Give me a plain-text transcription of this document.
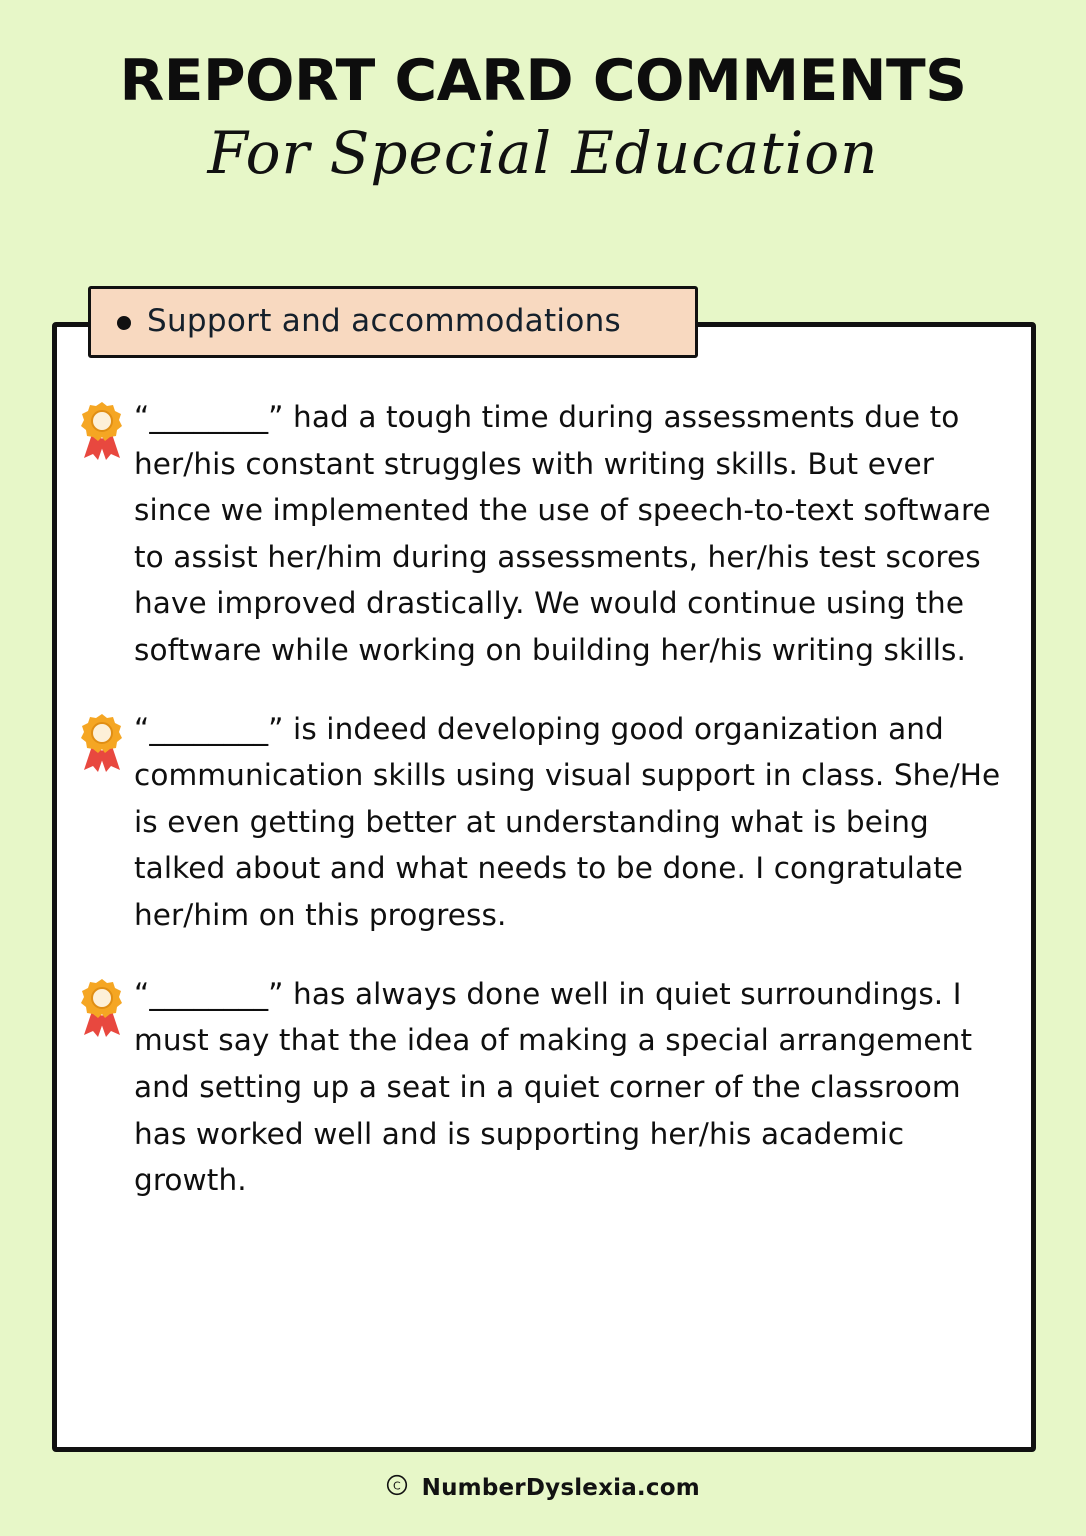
REPORT CARD COMMENTS
For Special Education
Support and accommodations
“________” had a tough time during assessments due to her/his constant struggles with writing skills. But ever since we implemented the use of speech-to-text software to assist her/him during assessments, her/his test scores have improved drastically. We would continue using the software while working on building her/his writing skills.
“________” is indeed developing good organization and communication skills using visual support in class. She/He is even getting better at understanding what is being talked about and what needs to be done. I congratulate her/him on this progress.
“________” has always done well in quiet surroundings. I must say that the idea of making a special arrangement and setting up a seat in a quiet corner of the classroom has worked well and is supporting her/his academic growth.
C NumberDyslexia.com
